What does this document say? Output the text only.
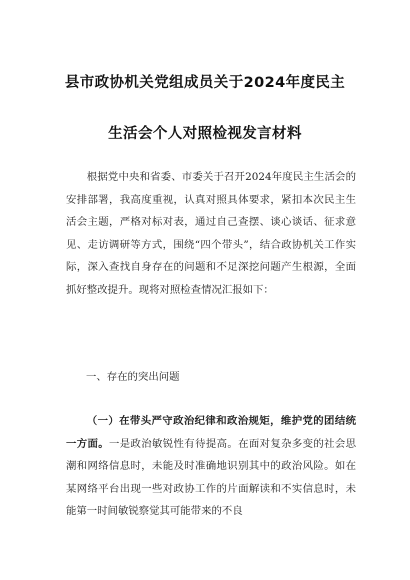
县市政协机关党组成员关于2024年度民主
生活会个人对照检视发言材料
根据党中央和省委、市委关于召开2024年度民主生活会的安排部署，我高度重视，认真对照具体要求，紧扣本次民主生活会主题，严格对标对表，通过自己查摆、谈心谈话、征求意见、走访调研等方式，围绕“四个带头”，结合政协机关工作实际，深入查找自身存在的问题和不足深挖问题产生根源，全面抓好整改提升。现将对照检查情况汇报如下：
一、存在的突出问题
（一）在带头严守政治纪律和政治规矩，维护党的团结统一方面。一是政治敏锐性有待提高。在面对复杂多变的社会思潮和网络信息时，未能及时准确地识别其中的政治风险。如在某网络平台出现一些对政协工作的片面解读和不实信息时，未能第一时间敏锐察觉其可能带来的不良
